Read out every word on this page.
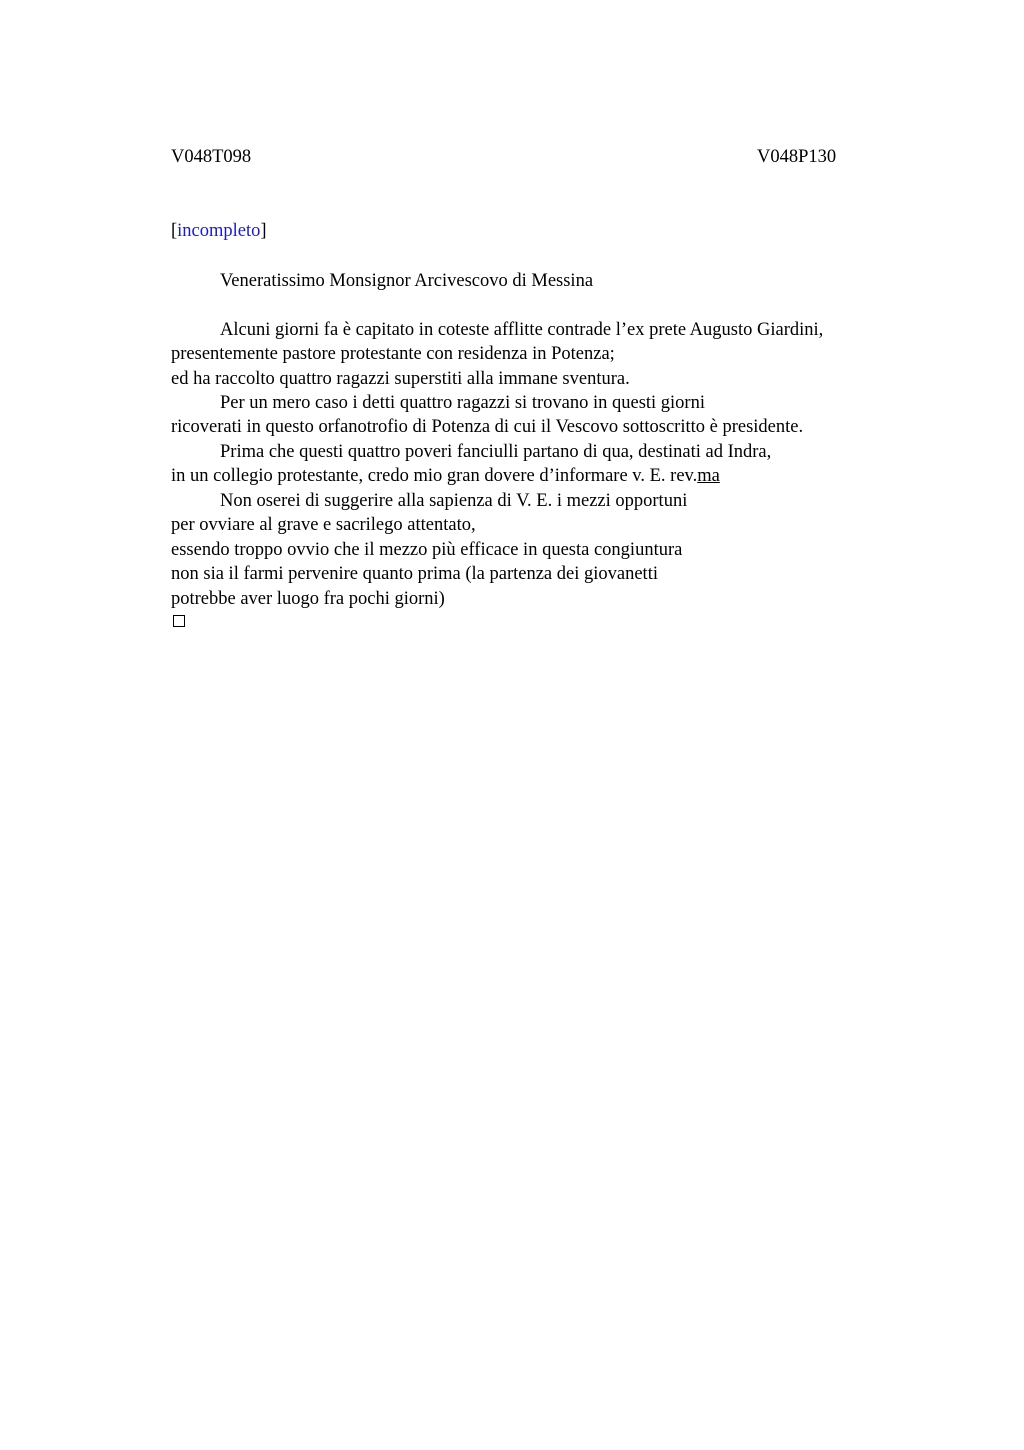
V048T098	V048P130
[incompleto]
Veneratissimo Monsignor Arcivescovo di Messina
Alcuni giorni fa è capitato in coteste afflitte contrade l’ex prete Augusto Giardini,
presentemente pastore protestante con residenza in Potenza;
ed ha raccolto quattro ragazzi superstiti alla immane sventura.
Per un mero caso i detti quattro ragazzi si trovano in questi giorni
ricoverati in questo orfanotrofio di Potenza di cui il Vescovo sottoscritto è presidente.
Prima che questi quattro poveri fanciulli partano di qua, destinati ad Indra,
in un collegio protestante, credo mio gran dovere d’informare v. E. rev.ma
Non oserei di suggerire alla sapienza di V. E. i mezzi opportuni
per ovviare al grave e sacrilego attentato,
essendo troppo ovvio che il mezzo più efficace in questa congiuntura
non sia il farmi pervenire quanto prima (la partenza dei giovanetti
potrebbe aver luogo fra pochi giorni)
